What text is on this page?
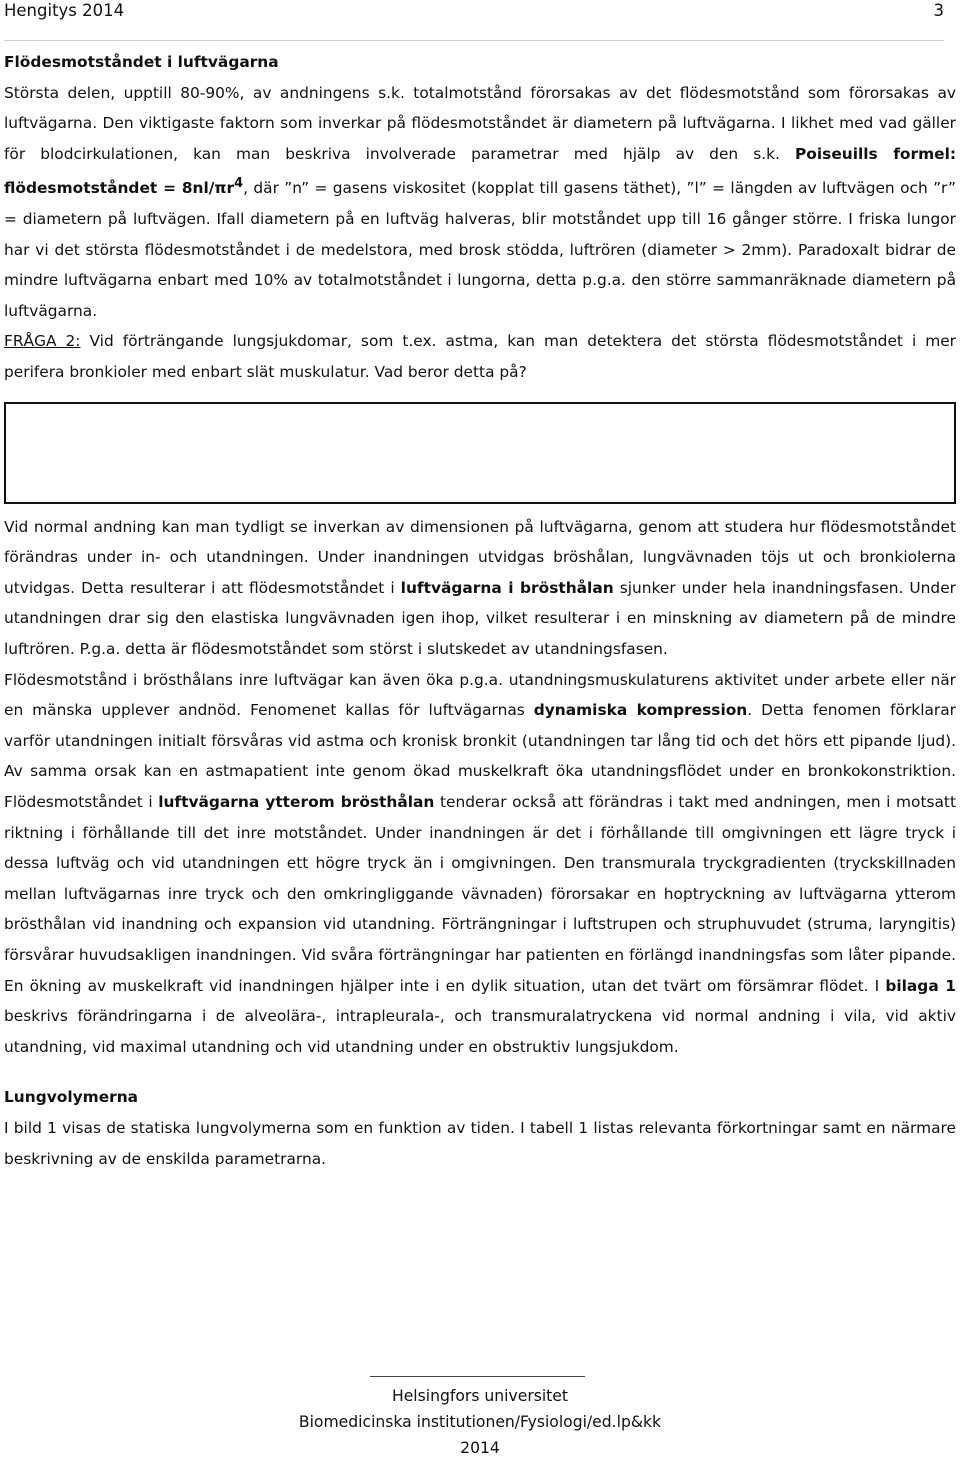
Hengitys 2014	3

Flödesmotståndet i luftvägarna

Största delen, upptill 80-90%, av andningens s.k. totalmotstånd förorsakas av det flödesmotstånd som förorsakas av luftvägarna. Den viktigaste faktorn som inverkar på flödesmotståndet är diametern på luftvägarna. I likhet med vad gäller för blodcirkulationen, kan man beskriva involverade parametrar med hjälp av den s.k. Poiseuills formel: flödesmotståndet = $8nl/\pi r^4$, där ”n” = gasens viskositet (kopplat till gasens täthet), ”l” = längden av luftvägen och ”r” = diametern på luftvägen. Ifall diametern på en luftväg halveras, blir motståndet upp till 16 gånger större. I friska lungor har vi det största flödesmotståndet i de medelstora, med brosk stödda, luftrören (diameter > 2mm). Paradoxalt bidrar de mindre luftvägarna enbart med 10% av totalmotståndet i lungorna, detta p.g.a. den större sammanräknade diametern på luftvägarna.

FRÅGA 2: Vid förträngande lungsjukdomar, som t.ex. astma, kan man detektera det största flödesmotståndet i mer perifera bronkioler med enbart slät muskulatur. Vad beror detta på?

Vid normal andning kan man tydligt se inverkan av dimensionen på luftvägarna, genom att studera hur flödesmotståndet förändras under in- och utandningen. Under inandningen utvidgas bröshålan, lungvävnaden töjs ut och bronkiolerna utvidgas. Detta resulterar i att flödesmotståndet i luftvägarna i brösthålan sjunker under hela inandningsfasen. Under utandningen drar sig den elastiska lungvävnaden igen ihop, vilket resulterar i en minskning av diametern på de mindre luftrören. P.g.a. detta är flödesmotståndet som störst i slutskedet av utandningsfasen.

Flödesmotstånd i brösthålans inre luftvägar kan även öka p.g.a. utandningsmuskulaturens aktivitet under arbete eller när en mänska upplever andnöd. Fenomenet kallas för luftvägarnas dynamiska kompression. Detta fenomen förklarar varför utandningen initialt försvåras vid astma och kronisk bronkit (utandningen tar lång tid och det hörs ett pipande ljud). Av samma orsak kan en astmapatient inte genom ökad muskelkraft öka utandningsflödet under en bronkokonstriktion. Flödesmotståndet i luftvägarna ytterom brösthålan tenderar också att förändras i takt med andningen, men i motsatt riktning i förhållande till det inre motståndet. Under inandningen är det i förhållande till omgivningen ett lägre tryck i dessa luftväg och vid utandningen ett högre tryck än i omgivningen. Den transmurala tryckgradienten (tryckskillnaden mellan luftvägarnas inre tryck och den omkringliggande vävnaden) förorsakar en hoptryckning av luftvägarna ytterom brösthålan vid inandning och expansion vid utandning. Förträngningar i luftstrupen och struphuvudet (struma, laryngitis) försvårar huvudsakligen inandningen. Vid svåra förträngningar har patienten en förlängd inandningsfas som låter pipande. En ökning av muskelkraft vid inandningen hjälper inte i en dylik situation, utan det tvärt om försämrar flödet. I bilaga 1 beskrivs förändringarna i de alveolära-, intrapleurala-, och transmuralatryckena vid normal andning i vila, vid aktiv utandning, vid maximal utandning och vid utandning under en obstruktiv lungsjukdom.

Lungvolymerna

I bild 1 visas de statiska lungvolymerna som en funktion av tiden. I tabell 1 listas relevanta förkortningar samt en närmare beskrivning av de enskilda parametrarna.

Helsingfors universitet
Biomedicinska institutionen/Fysiologi/ed.lp&kk
2014
